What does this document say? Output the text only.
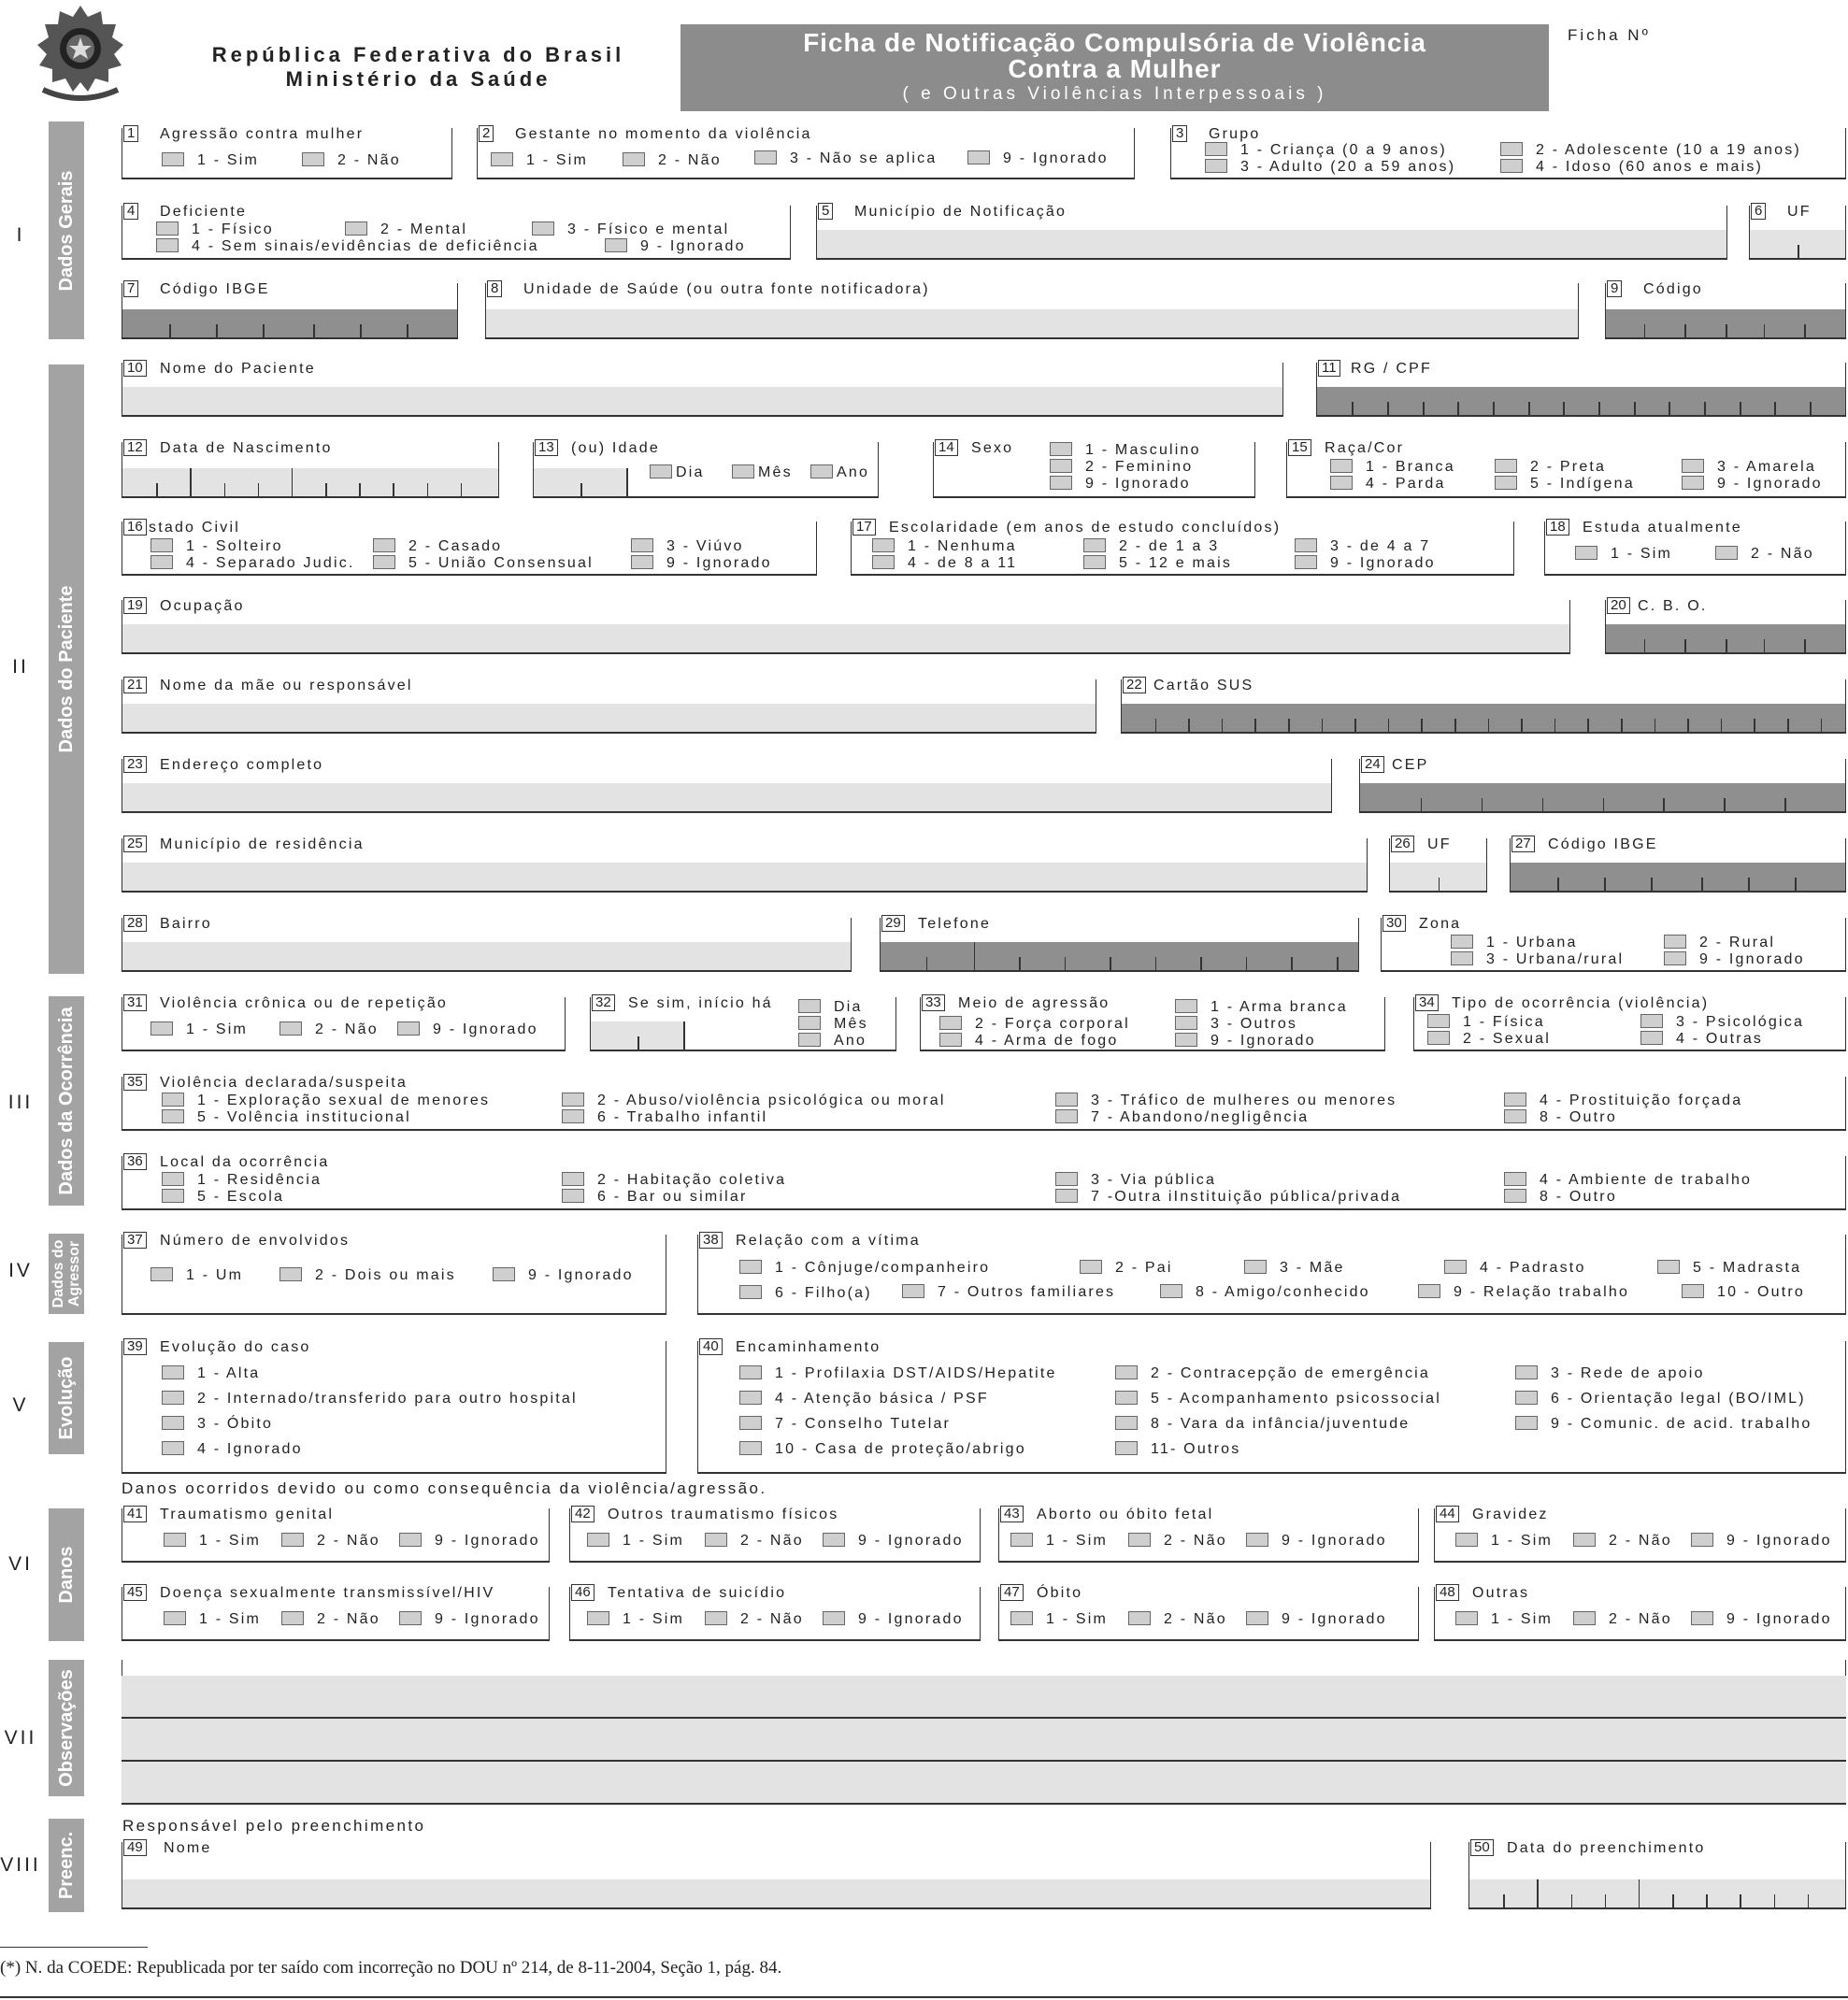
República Federativa do Brasil
Ministério da Saúde
Ficha de Notificação Compulsória de Violência
Contra a Mulher
( e Outras Violências Interpessoais )
Ficha Nº
Dados Gerais
I
Dados do Paciente
II
Dados da Ocorrência
III
Dados do Agressor
IV
Evolução
V
Danos
VI
Observações
VII
Preenc.
VIII
1 Agressão contra mulher
1 - Sim	2 - Não
2 Gestante no momento da violência
1 - Sim	2 - Não	3 - Não se aplica	9 - Ignorado
3 Grupo
1 - Criança (0 a 9 anos)	2 - Adolescente (10 a 19 anos)
3 - Adulto (20 a 59 anos)	4 - Idoso (60 anos e mais)
4 Deficiente
1 - Físico	2 - Mental	3 - Físico e mental
4 - Sem sinais/evidências de deficiência	9 - Ignorado
5 Município de Notificação	6 UF
7 Código IBGE	8 Unidade de Saúde (ou outra fonte notificadora)	9 Código
10 Nome do Paciente	11 RG / CPF
12 Data de Nascimento	13 (ou) Idade
Dia	Mês	Ano
14 Sexo	1 - Masculino
2 - Feminino
9 - Ignorado
15 Raça/Cor
1 - Branca	2 - Preta	3 - Amarela
4 - Parda	5 - Indígena	9 - Ignorado
16 stado Civil
1 - Solteiro	2 - Casado	3 - Viúvo
4 - Separado Judic.	5 - União Consensual	9 - Ignorado
17 Escolaridade (em anos de estudo concluídos)
1 - Nenhuma	2 - de 1 a 3	3 - de 4 a 7
4 - de 8 a 11	5 - 12 e mais	9 - Ignorado
18 Estuda atualmente
1 - Sim	2 - Não
19 Ocupação	20 C. B. O.
21 Nome da mãe ou responsável	22 Cartão SUS
23 Endereço completo	24 CEP
25 Município de residência	26 UF	27 Código IBGE
28 Bairro	29 Telefone	30 Zona
1 - Urbana	2 - Rural
3 - Urbana/rural	9 - Ignorado
31 Violência crônica ou de repetição
1 - Sim	2 - Não	9 - Ignorado
32 Se sim, início há	Dia
Mês
Ano
33 Meio de agressão	1 - Arma branca
2 - Força corporal	3 - Outros
4 - Arma de fogo	9 - Ignorado
34 Tipo de ocorrência (violência)
1 - Física	3 - Psicológica
2 - Sexual	4 - Outras
35 Violência declarada/suspeita
1 - Exploração sexual de menores	2 - Abuso/violência psicológica ou moral	3 - Tráfico de mulheres ou menores	4 - Prostituição forçada
5 - Volência institucional	6 - Trabalho infantil	7 - Abandono/negligência	8 - Outro
36 Local da ocorrência
1 - Residência	2 - Habitação coletiva	3 - Via pública	4 - Ambiente de trabalho
5 - Escola	6 - Bar ou similar	7 -Outra iInstituição pública/privada	8 - Outro
37 Número de envolvidos
1 - Um	2 - Dois ou mais	9 - Ignorado
38 Relação com a vítima
1 - Cônjuge/companheiro	2 - Pai	3 - Mãe	4 - Padrasto	5 - Madrasta
6 - Filho(a)	7 - Outros familiares	8 - Amigo/conhecido	9 - Relação trabalho	10 - Outro
39 Evolução do caso
1 - Alta
2 - Internado/transferido para outro hospital
3 - Óbito
4 - Ignorado
40 Encaminhamento
1 - Profilaxia DST/AIDS/Hepatite	2 - Contracepção de emergência	3 - Rede de apoio
4 - Atenção básica / PSF	5 - Acompanhamento psicossocial	6 - Orientação legal (BO/IML)
7 - Conselho Tutelar	8 - Vara da infância/juventude	9 - Comunic. de acid. trabalho
10 - Casa de proteção/abrigo	11- Outros
Danos ocorridos devido ou como consequência da violência/agressão.
41 Traumatismo genital
1 - Sim	2 - Não	9 - Ignorado
42 Outros traumatismo físicos
1 - Sim	2 - Não	9 - Ignorado
43 Aborto ou óbito fetal
1 - Sim	2 - Não	9 - Ignorado
44 Gravidez
1 - Sim	2 - Não	9 - Ignorado
45 Doença sexualmente transmissível/HIV
1 - Sim	2 - Não	9 - Ignorado
46 Tentativa de suicídio
1 - Sim	2 - Não	9 - Ignorado
47 Óbito
1 - Sim	2 - Não	9 - Ignorado
48 Outras
1 - Sim	2 - Não	9 - Ignorado
Responsável pelo preenchimento
49 Nome	50 Data do preenchimento
(*) N. da COEDE: Republicada por ter saído com incorreção no DOU nº 214, de 8-11-2004, Seção 1, pág. 84.
